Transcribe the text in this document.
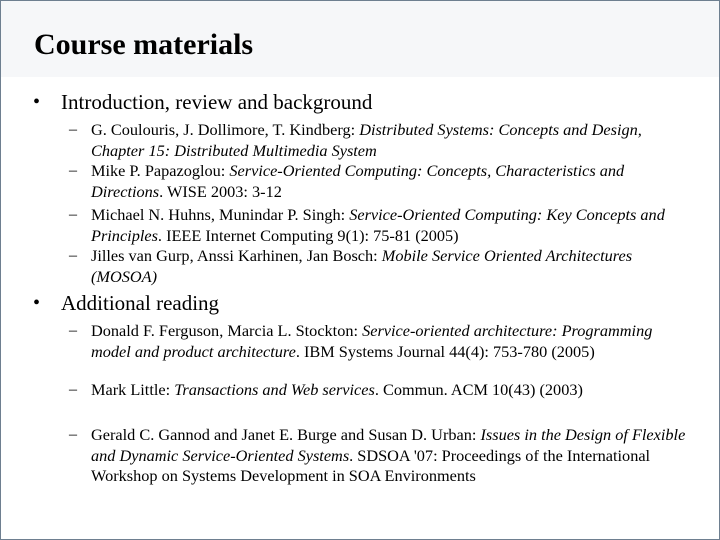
Course materials
• Introduction, review and background
– G. Coulouris, J. Dollimore, T. Kindberg: Distributed Systems: Concepts and Design, Chapter 15: Distributed Multimedia System
– Mike P. Papazoglou: Service-Oriented Computing: Concepts, Characteristics and Directions. WISE 2003: 3-12
– Michael N. Huhns, Munindar P. Singh: Service-Oriented Computing: Key Concepts and Principles. IEEE Internet Computing 9(1): 75-81 (2005)
– Jilles van Gurp, Anssi Karhinen, Jan Bosch: Mobile Service Oriented Architectures (MOSOA)
• Additional reading
– Donald F. Ferguson, Marcia L. Stockton: Service-oriented architecture: Programming model and product architecture. IBM Systems Journal 44(4): 753-780 (2005)
– Mark Little: Transactions and Web services. Commun. ACM 10(43) (2003)
– Gerald C. Gannod and Janet E. Burge and Susan D. Urban: Issues in the Design of Flexible and Dynamic Service-Oriented Systems. SDSOA '07: Proceedings of the International Workshop on Systems Development in SOA Environments
